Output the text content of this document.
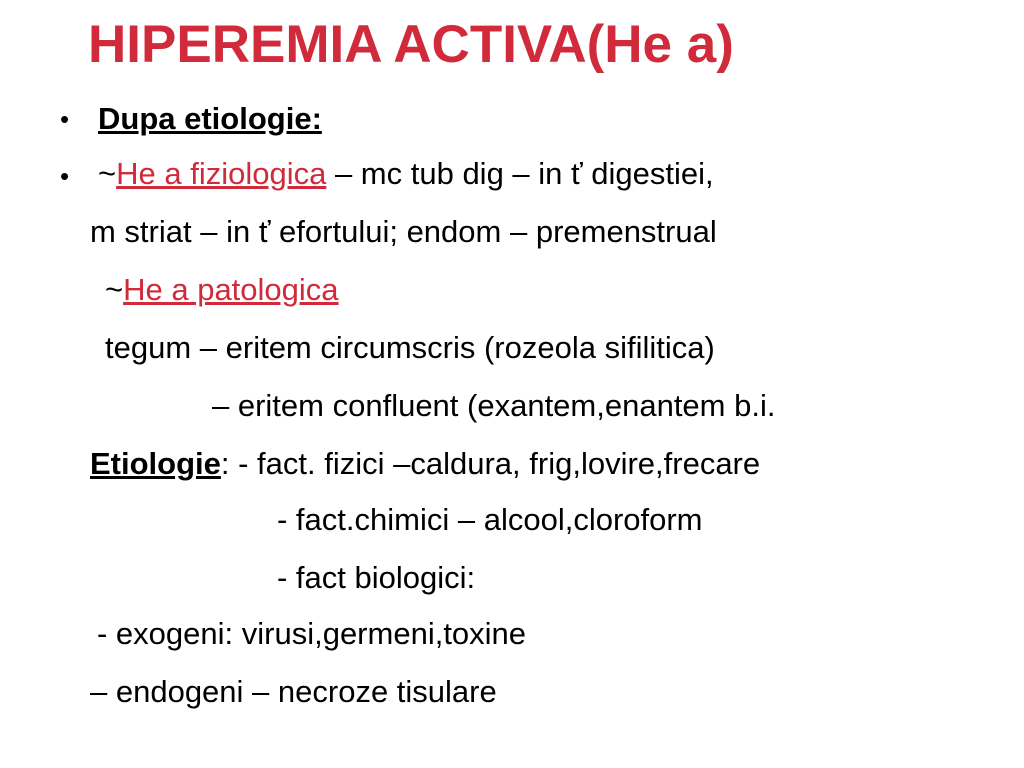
HIPEREMIA ACTIVA(He a)
• Dupa etiologie:
• ~He a fiziologica – mc tub dig – in ť digestiei,
m striat – in ť efortului; endom – premenstrual
~He a patologica
tegum – eritem circumscris (rozeola sifilitica)
– eritem confluent (exantem,enantem b.i.
Etiologie: - fact. fizici –caldura, frig,lovire,frecare
- fact.chimici – alcool,cloroform
- fact biologici:
- exogeni: virusi,germeni,toxine
– endogeni – necroze tisulare
